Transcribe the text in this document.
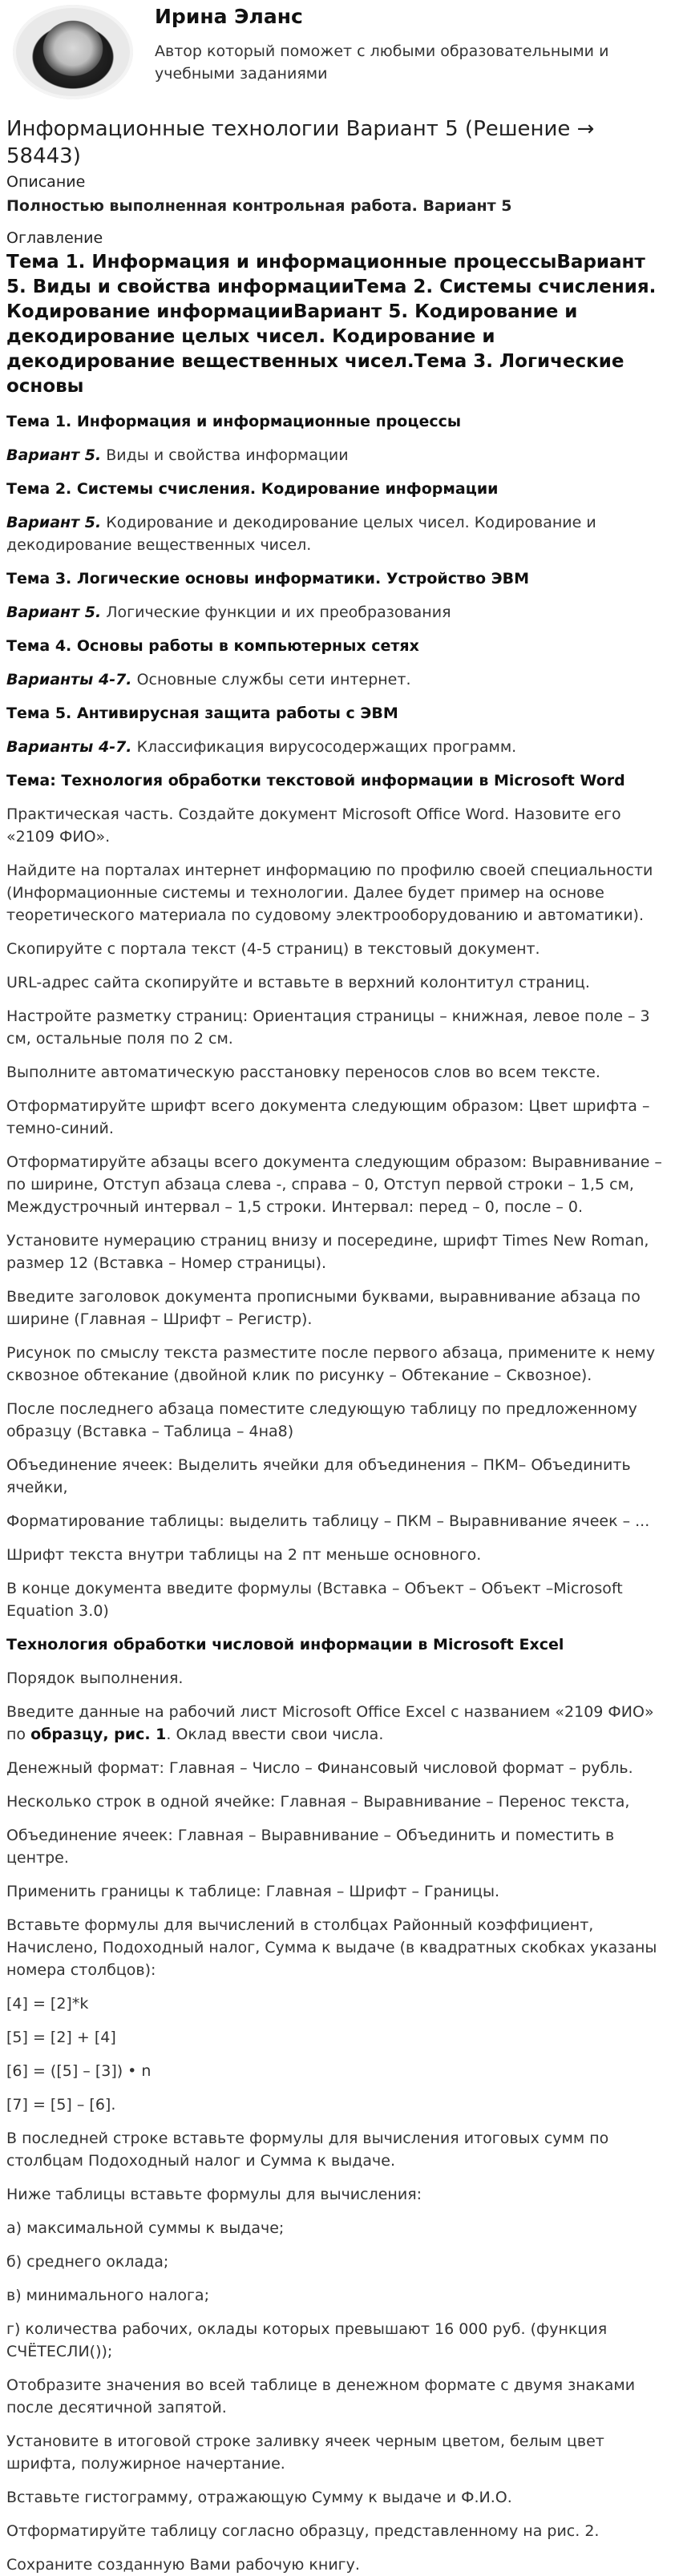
Ирина Эланс
Автор который поможет с любыми образовательными и учебными заданиями
Информационные технологии Вариант 5 (Решение → 58443)
Описание
Полностью выполненная контрольная работа. Вариант 5
Оглавление
Тема 1. Информация и информационные процессыВариант 5. Виды и свойства информацииТема 2. Системы счисления. Кодирование информацииВариант 5. Кодирование и декодирование целых чисел. Кодирование и декодирование вещественных чисел.Тема 3. Логические основы
Тема 1. Информация и информационные процессы
Вариант 5. Виды и свойства информации
Тема 2. Системы счисления. Кодирование информации
Вариант 5. Кодирование и декодирование целых чисел. Кодирование и декодирование вещественных чисел.
Тема 3. Логические основы информатики. Устройство ЭВМ
Вариант 5. Логические функции и их преобразования
Тема 4. Основы работы в компьютерных сетях
Варианты 4-7. Основные службы сети интернет.
Тема 5. Антивирусная защита работы с ЭВМ
Варианты 4-7. Классификация вирусосодержащих программ.
Тема: Технология обработки текстовой информации в Microsoft Word
Практическая часть. Создайте документ Microsoft Office Word. Назовите его «2109 ФИО».
Найдите на порталах интернет информацию по профилю своей специальности (Информационные системы и технологии. Далее будет пример на основе теоретического материала по судовому электрооборудованию и автоматики).
Скопируйте с портала текст (4-5 страниц) в текстовый документ.
URL-адрес сайта скопируйте и вставьте в верхний колонтитул страниц.
Настройте разметку страниц: Ориентация страницы – книжная, левое поле – 3 см, остальные поля по 2 см.
Выполните автоматическую расстановку переносов слов во всем тексте.
Отформатируйте шрифт всего документа следующим образом: Цвет шрифта – темно-синий.
Отформатируйте абзацы всего документа следующим образом: Выравнивание – по ширине, Отступ абзаца слева -, справа – 0, Отступ первой строки – 1,5 см, Междустрочный интервал – 1,5 строки. Интервал: перед – 0, после – 0.
Установите нумерацию страниц внизу и посередине, шрифт Times New Roman, размер 12 (Вставка – Номер страницы).
Введите заголовок документа прописными буквами, выравнивание абзаца по ширине (Главная – Шрифт – Регистр).
Рисунок по смыслу текста разместите после первого абзаца, примените к нему сквозное обтекание (двойной клик по рисунку – Обтекание – Сквозное).
После последнего абзаца поместите следующую таблицу по предложенному образцу (Вставка – Таблица – 4на8)
Объединение ячеек: Выделить ячейки для объединения – ПКМ– Объединить ячейки,
Форматирование таблицы: выделить таблицу – ПКМ – Выравнивание ячеек – ...
Шрифт текста внутри таблицы на 2 пт меньше основного.
В конце документа введите формулы (Вставка – Объект – Объект –Microsoft Equation 3.0)
Технология обработки числовой информации в Microsoft Excel
Порядок выполнения.
Введите данные на рабочий лист Microsoft Office Excel с названием «2109 ФИО» по образцу, рис. 1. Оклад ввести свои числа.
Денежный формат: Главная – Число – Финансовый числовой формат – рубль.
Несколько строк в одной ячейке: Главная – Выравнивание – Перенос текста,
Объединение ячеек: Главная – Выравнивание – Объединить и поместить в центре.
Применить границы к таблице: Главная – Шрифт – Границы.
Вставьте формулы для вычислений в столбцах Районный коэффициент, Начислено, Подоходный налог, Сумма к выдаче (в квадратных скобках указаны номера столбцов):
[4] = [2]*k
[5] = [2] + [4]
[6] = ([5] – [3]) • n
[7] = [5] – [6].
В последней строке вставьте формулы для вычисления итоговых сумм по столбцам Подоходный налог и Сумма к выдаче.
Ниже таблицы вставьте формулы для вычисления:
а) максимальной суммы к выдаче;
б) среднего оклада;
в) минимального налога;
г) количества рабочих, оклады которых превышают 16 000 руб. (функция СЧЁТЕСЛИ());
Отобразите значения во всей таблице в денежном формате с двумя знаками после десятичной запятой.
Установите в итоговой строке заливку ячеек черным цветом, белым цвет шрифта, полужирное начертание.
Вставьте гистограмму, отражающую Сумму к выдаче и Ф.И.О.
Отформатируйте таблицу согласно образцу, представленному на рис. 2.
Сохраните созданную Вами рабочую книгу.
